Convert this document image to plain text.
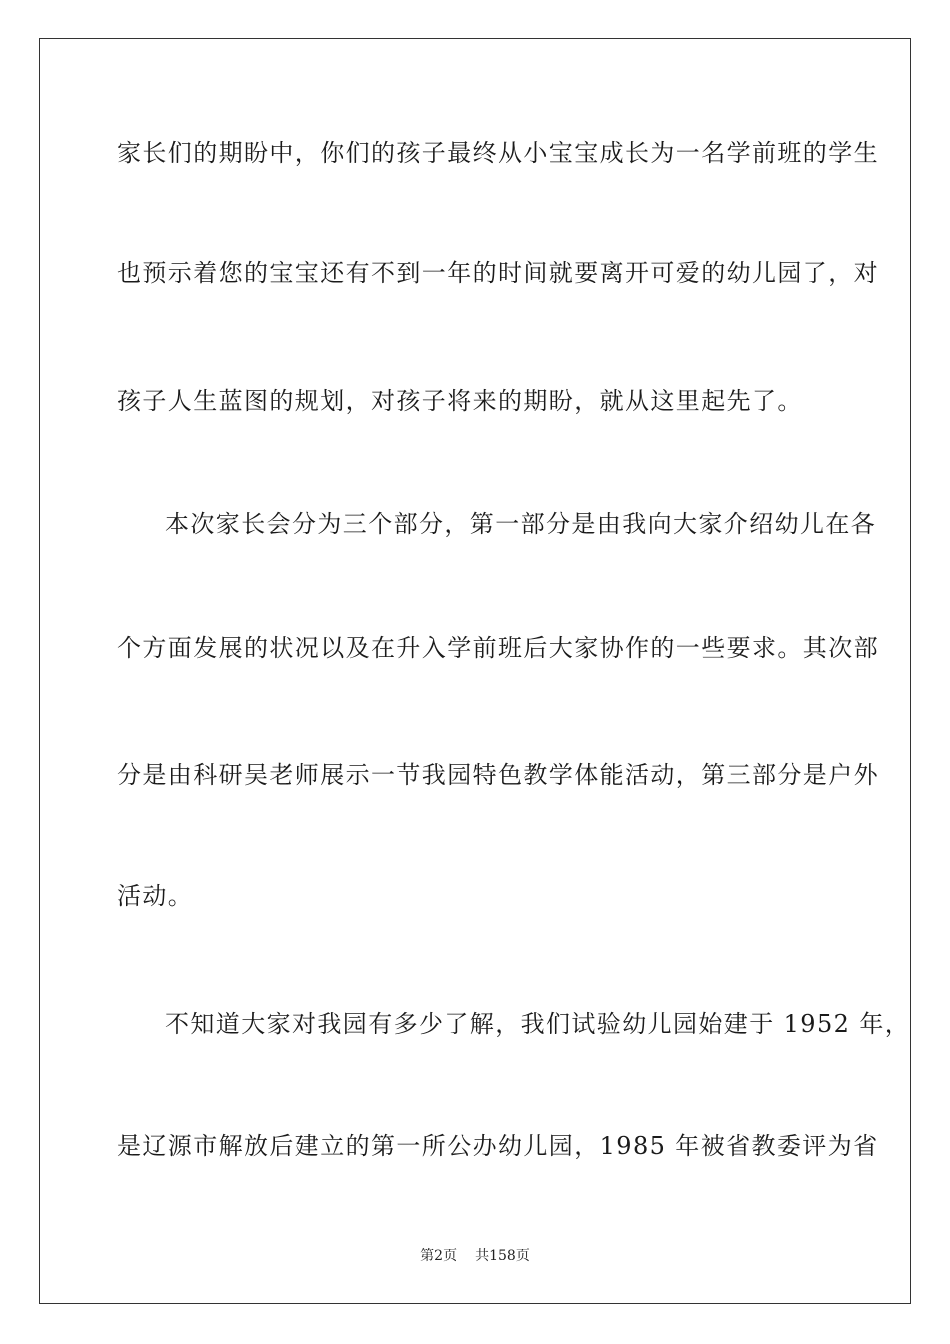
家长们的期盼中，你们的孩子最终从小宝宝成长为一名学前班的学生
也预示着您的宝宝还有不到一年的时间就要离开可爱的幼儿园了，对
孩子人生蓝图的规划，对孩子将来的期盼，就从这里起先了。
本次家长会分为三个部分，第一部分是由我向大家介绍幼儿在各
个方面发展的状况以及在升入学前班后大家协作的一些要求。其次部
分是由科研吴老师展示一节我园特色教学体能活动，第三部分是户外
活动。
不知道大家对我园有多少了解，我们试验幼儿园始建于 1952 年，
是辽源市解放后建立的第一所公办幼儿园，1985 年被省教委评为省
第2页 共158页
